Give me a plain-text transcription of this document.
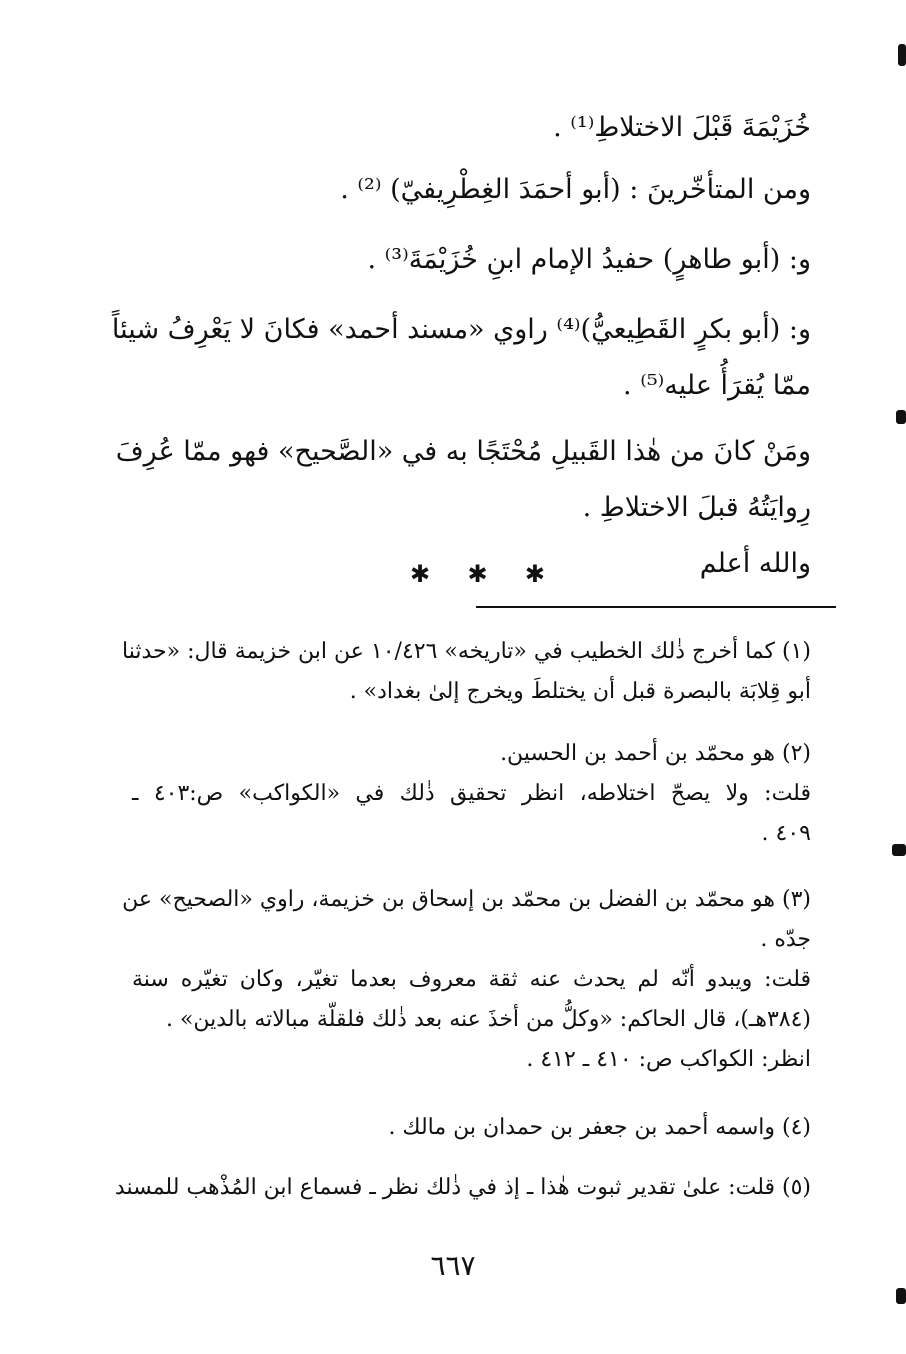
خُزَيْمَةَ قَبْلَ الاختلاطِ⁽¹⁾ .
ومن المتأخّرينَ : (أبو أحمَدَ الغِطْرِيفيّ) ⁽²⁾ .
و: (أبو طاهرٍ) حفيدُ الإمام ابنِ خُزَيْمَةَ⁽³⁾ .
و: (أبو بكرٍ القَطِيعيُّ)⁽⁴⁾ راوي «مسند أحمد» فكانَ لا يَعْرِفُ شيئاً
ممّا يُقرَأُ عليه⁽⁵⁾ .
ومَنْ كانَ من هٰذا القَبيلِ مُحْتَجًا به في «الصَّحيح» فهو ممّا عُرِفَ
رِوايَتُهُ قبلَ الاختلاطِ .
والله أعلم
✱
✱
✱
(١) كما أخرج ذٰلك الخطيب في «تاريخه» ١٠/٤٢٦ عن ابن خزيمة قال: «حدثنا
أبو قِلابَة بالبصرة قبل أن يختلطَ ويخرج إلىٰ بغداد» .
(٢) هو محمّد بن أحمد بن الحسين.
قلت: ولا يصحّ اختلاطه، انظر تحقيق ذٰلك في «الكواكب» ص:٤٠٣ ـ
٤٠٩ .
(٣) هو محمّد بن الفضل بن محمّد بن إسحاق بن خزيمة، راوي «الصحيح» عن
جدّه .
قلت: ويبدو أنّه لم يحدث عنه ثقة معروف بعدما تغيّر، وكان تغيّره سنة
(٣٨٤هـ)، قال الحاكم: «وكلُّ من أخذَ عنه بعد ذٰلك فلقلّة مبالاته بالدين» .
انظر: الكواكب ص: ٤١٠ ـ ٤١٢ .
(٤) واسمه أحمد بن جعفر بن حمدان بن مالك .
(٥) قلت: علىٰ تقدير ثبوت هٰذا ـ إذ في ذٰلك نظر ـ فسماع ابن المُذْهب للمسند
٦٦٧
